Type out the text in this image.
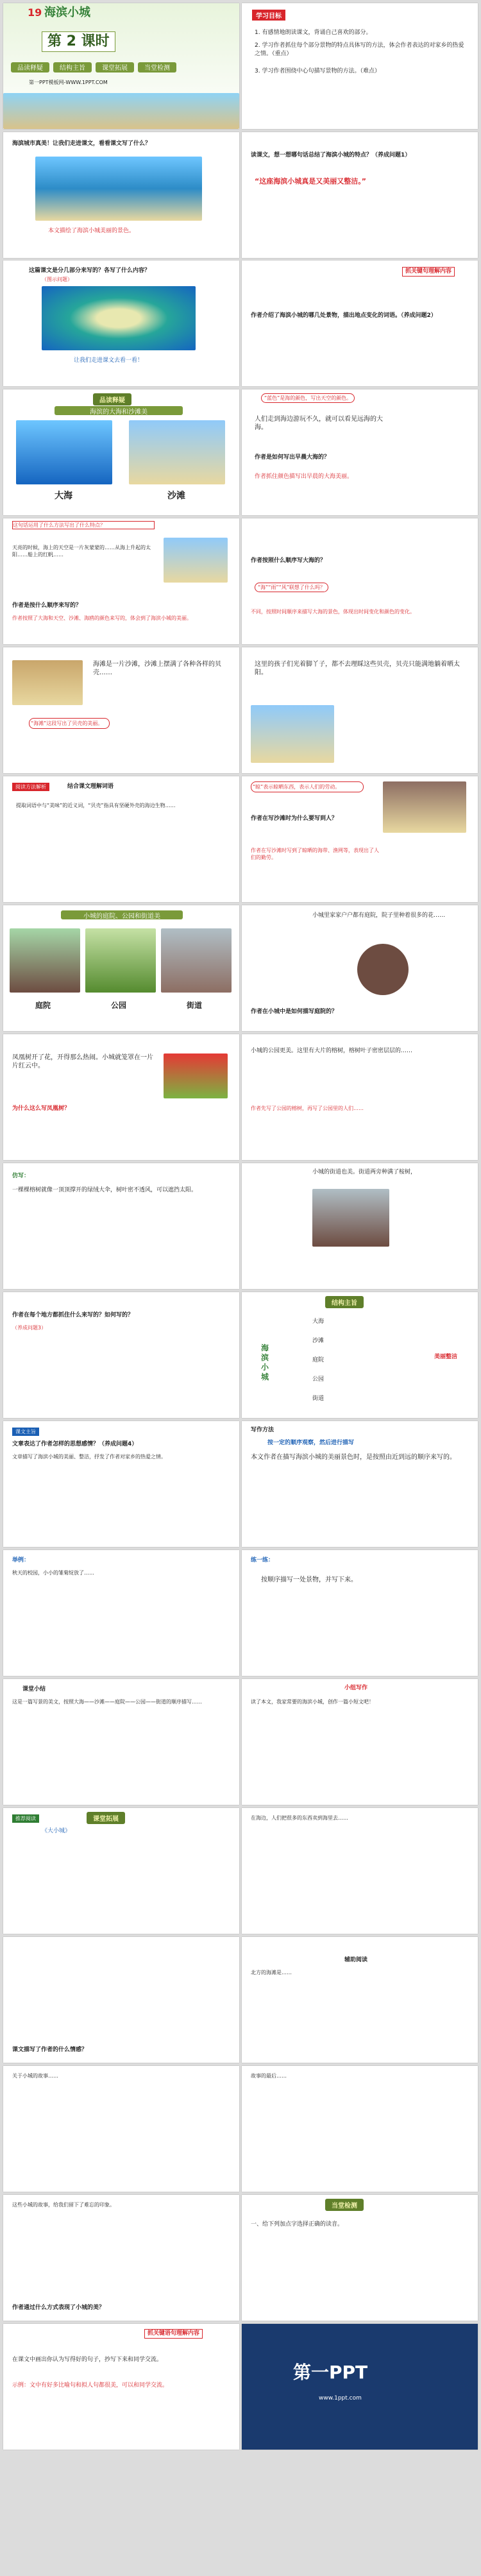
19 海滨小城
第 2 课时
品读释疑	结构主旨	课堂拓展	当堂检测
第一PPT模板网-WWW.1PPT.COM
学习目标
1. 有感情地朗读课文，背诵自己喜欢的部分。
2. 学习作者抓住每个部分景物的特点具体写的方法，体会作者表达的对家乡的热爱之情。（重点）
3. 学习作者围绕中心句描写景物的方法。（难点）
海滨城市真美！让我们走进课文，看看课文写了什么？
本文描绘了海滨小城美丽的景色。
读课文，想一想哪句话总结了海滨小城的特点？（养成问题1）
“这座海滨小城真是又美丽又整洁。”
这篇课文是分几部分来写的？各写了什么内容？
（图示问题）
让我们走进课文去看一看！
抓关键句理解内容
作者介绍了海滨小城的哪几处景物，描出地点变化的词语。（养成问题2）
品读释疑
海滨的大海和沙滩美
大海	沙滩
“蓝色”是海的颜色，写出天空的颜色。
人们走到海边游玩不久，就可以看见远海的大海。
作者是如何写出早晨大海的？
作者抓住颜色描写出早晨的大海美丽。
这句话运用了什么方法写出了什么特点？
天亮的时候，海上的天空是一片灰蒙蒙的……从海上升起的太阳……船上的红帆……
作者是按什么顺序来写的？
作者按照了大海和天空、沙滩、海鸥的颜色来写的，体会到了海滨小城的美丽。
作者按照什么顺序写大海的？
“海”“雨”“风”联想了什么吗？
不同，按照时间顺序来描写大海的景色，体现出时间变化和颜色的变化。
海滩是一片沙滩，沙滩上摆满了各种各样的贝壳……
“海滩”这段写出了贝壳的美丽。
这里的孩子们光着脚丫子，都不去理睬这些贝壳，贝壳只能满地躺着晒太阳。
阅读方法解析	结合课文理解词语
提取词语中与“美味”的近义词，“贝壳”指具有坚硬外壳的海边生物……
“晾”表示晾晒东西，表示人们的劳动。
作者在写沙滩时为什么要写到人？
作者在写沙滩时写到了晾晒的海带、渔网等，表现出了人们的勤劳。
小城的庭院、公园和街道美
庭院	公园	街道
小城里家家户户都有庭院，院子里种着很多的花……
作者在小城中是如何描写庭院的？
凤凰树开了花，开得那么热闹。小城就笼罩在一片片红云中。
为什么这么写凤凰树？
小城的公园更美。这里有大片的榕树，榕树叶子密密层层的……
作者先写了公园的榕树，再写了公园里的人们……
仿写：
一棵棵榕树就像一顶顶撑开的绿绒大伞，树叶密不透风，可以遮挡太阳。
小城的街道也美。街道两旁种满了桉树，
作者在每个地方都抓住什么来写的？如何写的？
（养成问题3）
结构主旨
海滨小城
大海
沙滩
庭院
公园
街道
美丽整洁
课文主旨
文章表达了作者怎样的思想感情？（养成问题4）
文章描写了海滨小城的美丽、整洁，抒发了作者对家乡的热爱之情。
写作方法
按一定的顺序观察，然后进行描写
本文作者在描写海滨小城的美丽景色时，是按照由近到远的顺序来写的。
举例：
秋天的校园，小小的雏菊绽放了……
练一练：
按顺序描写一处景物，并写下来。
课堂小结
这是一篇写景的美文，按照大海——沙滩——庭院——公园——街道的顺序描写……
小组写作
读了本文，我家常要的海滨小城，创作一篇小短文吧！
课堂拓展
推荐阅读
《大小城》
在海边，人们把很多的东西卖到海里去……
课文描写了作者的什么情感？
辅助阅读
北方的海滩是……
关于小城的故事……	故事的最后……
这些小城的故事，给我们留下了难忘的印象。
作者通过什么方式表现了小城的美？
当堂检测
一、给下列加点字选择正确的读音。
抓关键语句理解内容
在课文中画出你认为写得好的句子，抄写下来和同学交流。
示例：文中有好多比喻句和拟人句都很美，可以和同学交流。
第一PPT
www.1ppt.com
